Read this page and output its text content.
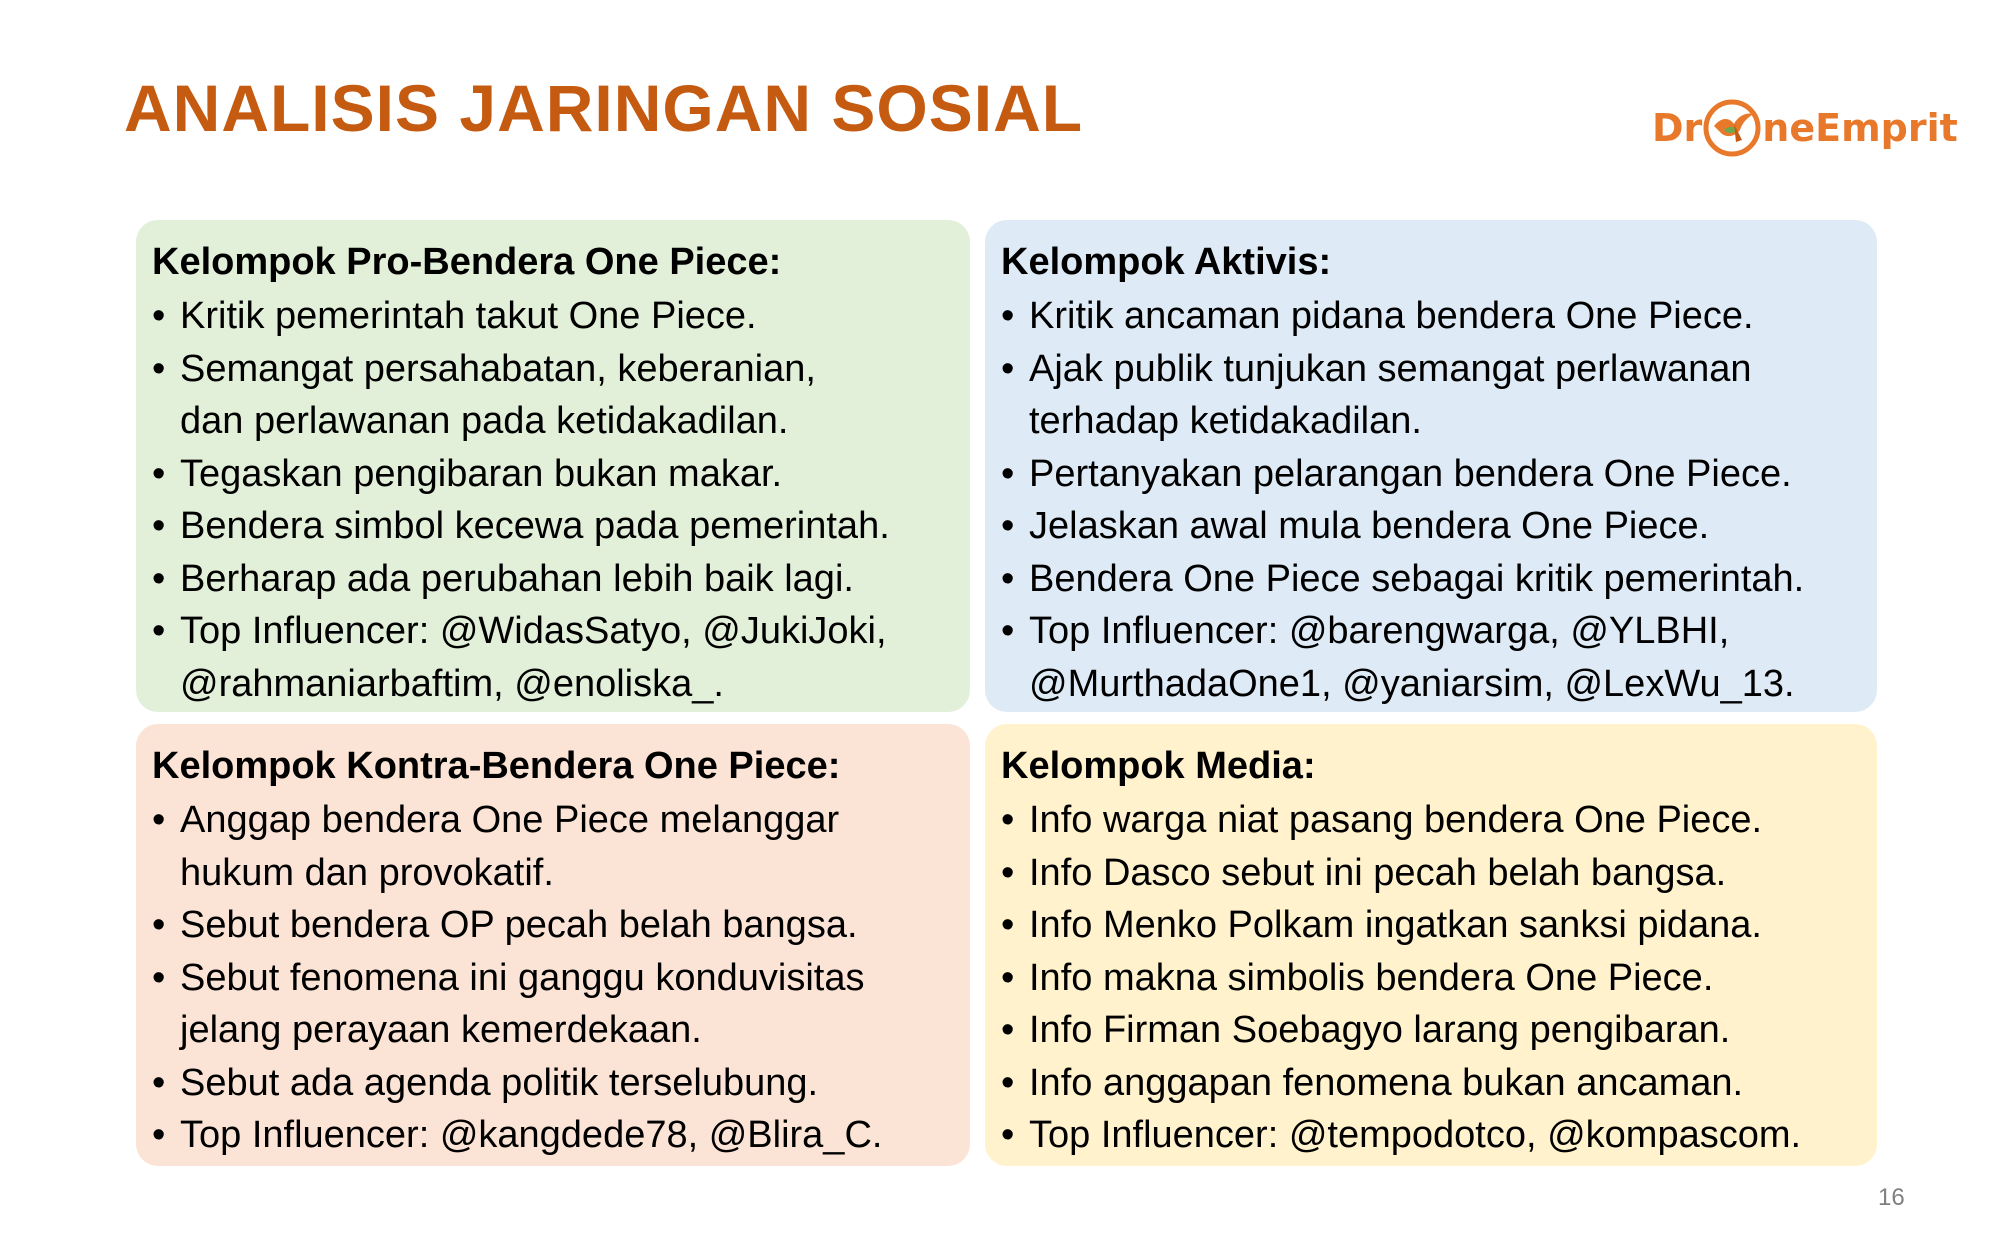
ANALISIS JARINGAN SOSIAL	Dr neEmprit
Kelompok Pro-Bendera One Piece:
• Kritik pemerintah takut One Piece.
• Semangat persahabatan, keberanian,
dan perlawanan pada ketidakadilan.
• Tegaskan pengibaran bukan makar.
• Bendera simbol kecewa pada pemerintah.
• Berharap ada perubahan lebih baik lagi.
• Top Influencer: @WidasSatyo, @JukiJoki,
@rahmaniarbaftim, @enoliska_.
Kelompok Aktivis:
• Kritik ancaman pidana bendera One Piece.
• Ajak publik tunjukan semangat perlawanan
terhadap ketidakadilan.
• Pertanyakan pelarangan bendera One Piece.
• Jelaskan awal mula bendera One Piece.
• Bendera One Piece sebagai kritik pemerintah.
• Top Influencer: @barengwarga, @YLBHI,
@MurthadaOne1, @yaniarsim, @LexWu_13.
Kelompok Kontra-Bendera One Piece:
• Anggap bendera One Piece melanggar
hukum dan provokatif.
• Sebut bendera OP pecah belah bangsa.
• Sebut fenomena ini ganggu konduvisitas
jelang perayaan kemerdekaan.
• Sebut ada agenda politik terselubung.
• Top Influencer: @kangdede78, @Blira_C.
Kelompok Media:
• Info warga niat pasang bendera One Piece.
• Info Dasco sebut ini pecah belah bangsa.
• Info Menko Polkam ingatkan sanksi pidana.
• Info makna simbolis bendera One Piece.
• Info Firman Soebagyo larang pengibaran.
• Info anggapan fenomena bukan ancaman.
• Top Influencer: @tempodotco, @kompascom.
16
